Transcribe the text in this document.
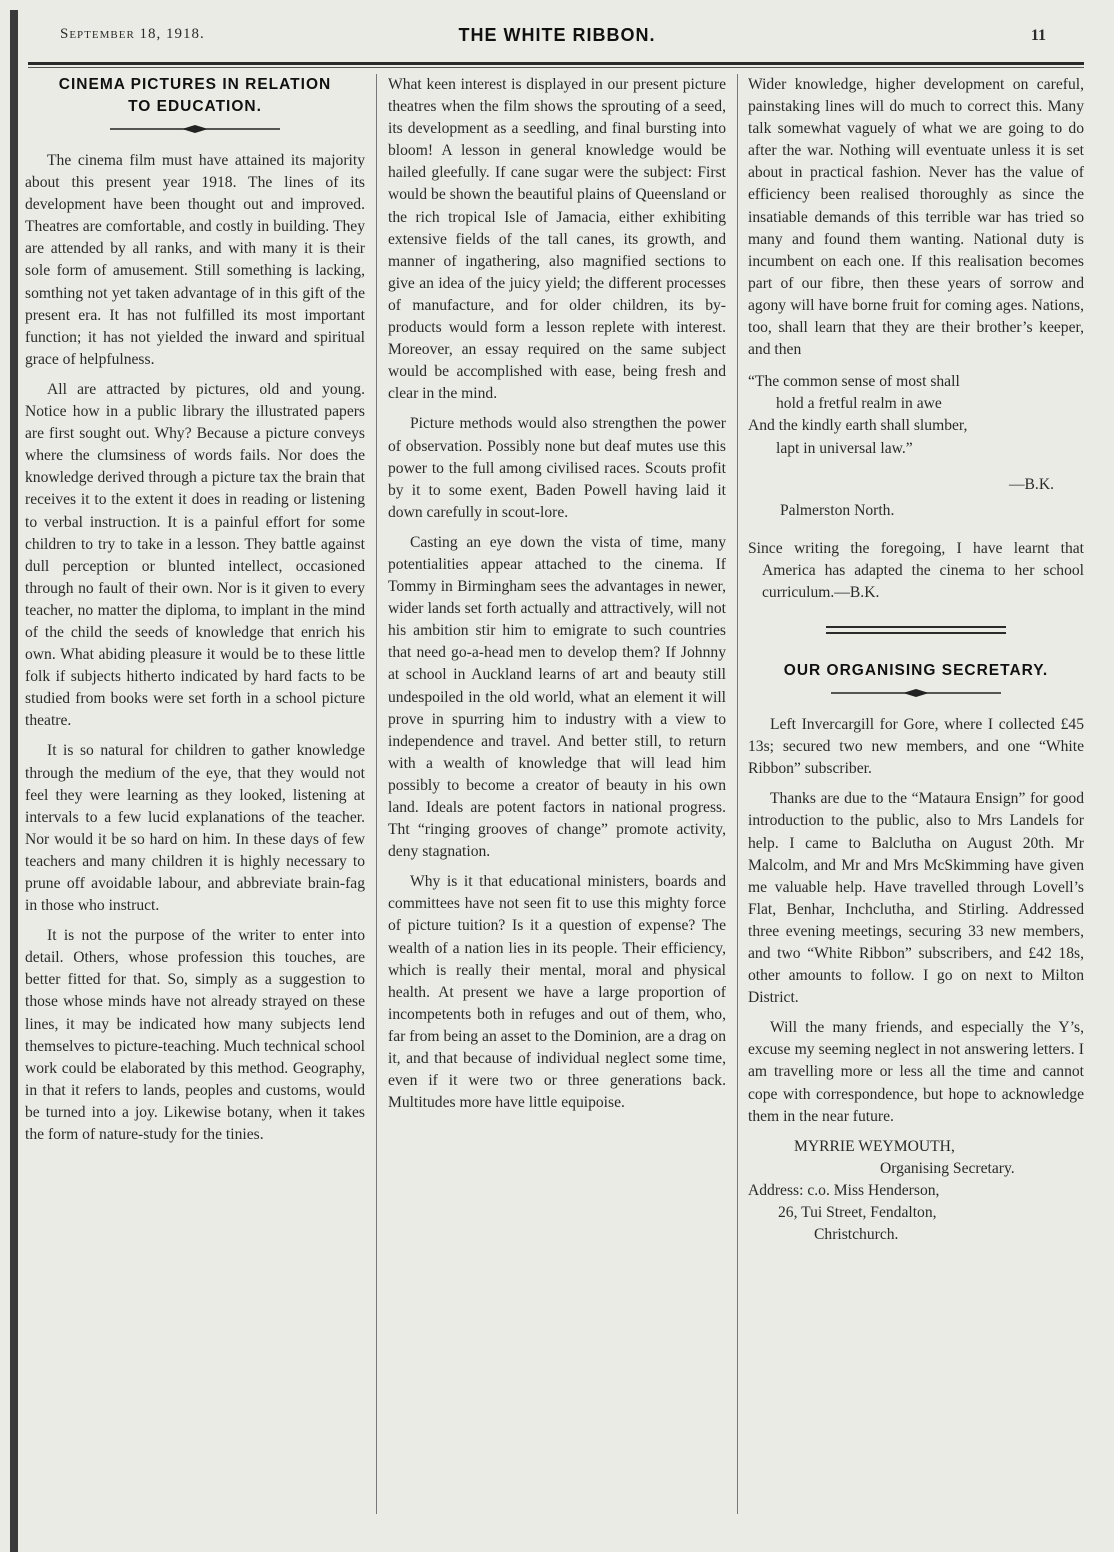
September 18, 1918.	THE WHITE RIBBON.	11
CINEMA PICTURES IN RELATION
TO EDUCATION.

The cinema film must have attained its majority about this present year 1918. The lines of its development have been thought out and improved. Theatres are comfortable, and costly in building. They are attended by all ranks, and with many it is their sole form of amusement. Still something is lacking, somthing not yet taken advantage of in this gift of the present era. It has not fulfilled its most important function; it has not yielded the inward and spiritual grace of helpfulness.

All are attracted by pictures, old and young. Notice how in a public library the illustrated papers are first sought out. Why? Because a picture conveys where the clumsiness of words fails. Nor does the knowledge derived through a picture tax the brain that receives it to the extent it does in reading or listening to verbal instruction. It is a painful effort for some children to try to take in a lesson. They battle against dull perception or blunted intellect, occasioned through no fault of their own. Nor is it given to every teacher, no matter the diploma, to implant in the mind of the child the seeds of knowledge that enrich his own. What abiding pleasure it would be to these little folk if subjects hitherto indicated by hard facts to be studied from books were set forth in a school picture theatre.

It is so natural for children to gather knowledge through the medium of the eye, that they would not feel they were learning as they looked, listening at intervals to a few lucid explanations of the teacher. Nor would it be so hard on him. In these days of few teachers and many children it is highly necessary to prune off avoidable labour, and abbreviate brain-fag in those who instruct.

It is not the purpose of the writer to enter into detail. Others, whose profession this touches, are better fitted for that. So, simply as a suggestion to those whose minds have not already strayed on these lines, it may be indicated how many subjects lend themselves to picture-teaching. Much technical school work could be elaborated by this method. Geography, in that it refers to lands, peoples and customs, would be turned into a joy. Likewise botany, when it takes the form of nature-study for the tinies.

What keen interest is displayed in our present picture theatres when the film shows the sprouting of a seed, its development as a seedling, and final bursting into bloom! A lesson in general knowledge would be hailed gleefully. If cane sugar were the subject: First would be shown the beautiful plains of Queensland or the rich tropical Isle of Jamacia, either exhibiting extensive fields of the tall canes, its growth, and manner of ingathering, also magnified sections to give an idea of the juicy yield; the different processes of manufacture, and for older children, its by-products would form a lesson replete with interest. Moreover, an essay required on the same subject would be accomplished with ease, being fresh and clear in the mind.

Picture methods would also strengthen the power of observation. Possibly none but deaf mutes use this power to the full among civilised races. Scouts profit by it to some exent, Baden Powell having laid it down carefully in scout-lore.

Casting an eye down the vista of time, many potentialities appear attached to the cinema. If Tommy in Birmingham sees the advantages in newer, wider lands set forth actually and attractively, will not his ambition stir him to emigrate to such countries that need go-a-head men to develop them? If Johnny at school in Auckland learns of art and beauty still undespoiled in the old world, what an element it will prove in spurring him to industry with a view to independence and travel. And better still, to return with a wealth of knowledge that will lead him possibly to become a creator of beauty in his own land. Ideals are potent factors in national progress. Tht “ringing grooves of change” promote activity, deny stagnation.

Why is it that educational ministers, boards and committees have not seen fit to use this mighty force of picture tuition? Is it a question of expense? The wealth of a nation lies in its people. Their efficiency, which is really their mental, moral and physical health. At present we have a large proportion of incompetents both in refuges and out of them, who, far from being an asset to the Dominion, are a drag on it, and that because of individual neglect some time, even if it were two or three generations back. Multitudes more have little equipoise.

Wider knowledge, higher development on careful, painstaking lines will do much to correct this. Many talk somewhat vaguely of what we are going to do after the war. Nothing will eventuate unless it is set about in practical fashion. Never has the value of efficiency been realised thoroughly as since the insatiable demands of this terrible war has tried so many and found them wanting. National duty is incumbent on each one. If this realisation becomes part of our fibre, then these years of sorrow and agony will have borne fruit for coming ages. Nations, too, shall learn that they are their brother’s keeper, and then

“The common sense of most shall
hold a fretful realm in awe
And the kindly earth shall slumber,
lapt in universal law.”
—B.K.

Palmerston North.

Since writing the foregoing, I have learnt that America has adapted the cinema to her school curriculum.—B.K.

OUR ORGANISING SECRETARY.

Left Invercargill for Gore, where I collected £45 13s; secured two new members, and one “White Ribbon” subscriber.

Thanks are due to the “Mataura Ensign” for good introduction to the public, also to Mrs Landels for help. I came to Balclutha on August 20th. Mr Malcolm, and Mr and Mrs McSkimming have given me valuable help. Have travelled through Lovell’s Flat, Benhar, Inchclutha, and Stirling. Addressed three evening meetings, securing 33 new members, and two “White Ribbon” subscribers, and £42 18s, other amounts to follow. I go on next to Milton District.

Will the many friends, and especially the Y’s, excuse my seeming neglect in not answering letters. I am travelling more or less all the time and cannot cope with correspondence, but hope to acknowledge them in the near future.

MYRRIE WEYMOUTH,
Organising Secretary.
Address: c.o. Miss Henderson,
26, Tui Street, Fendalton,
Christchurch.
